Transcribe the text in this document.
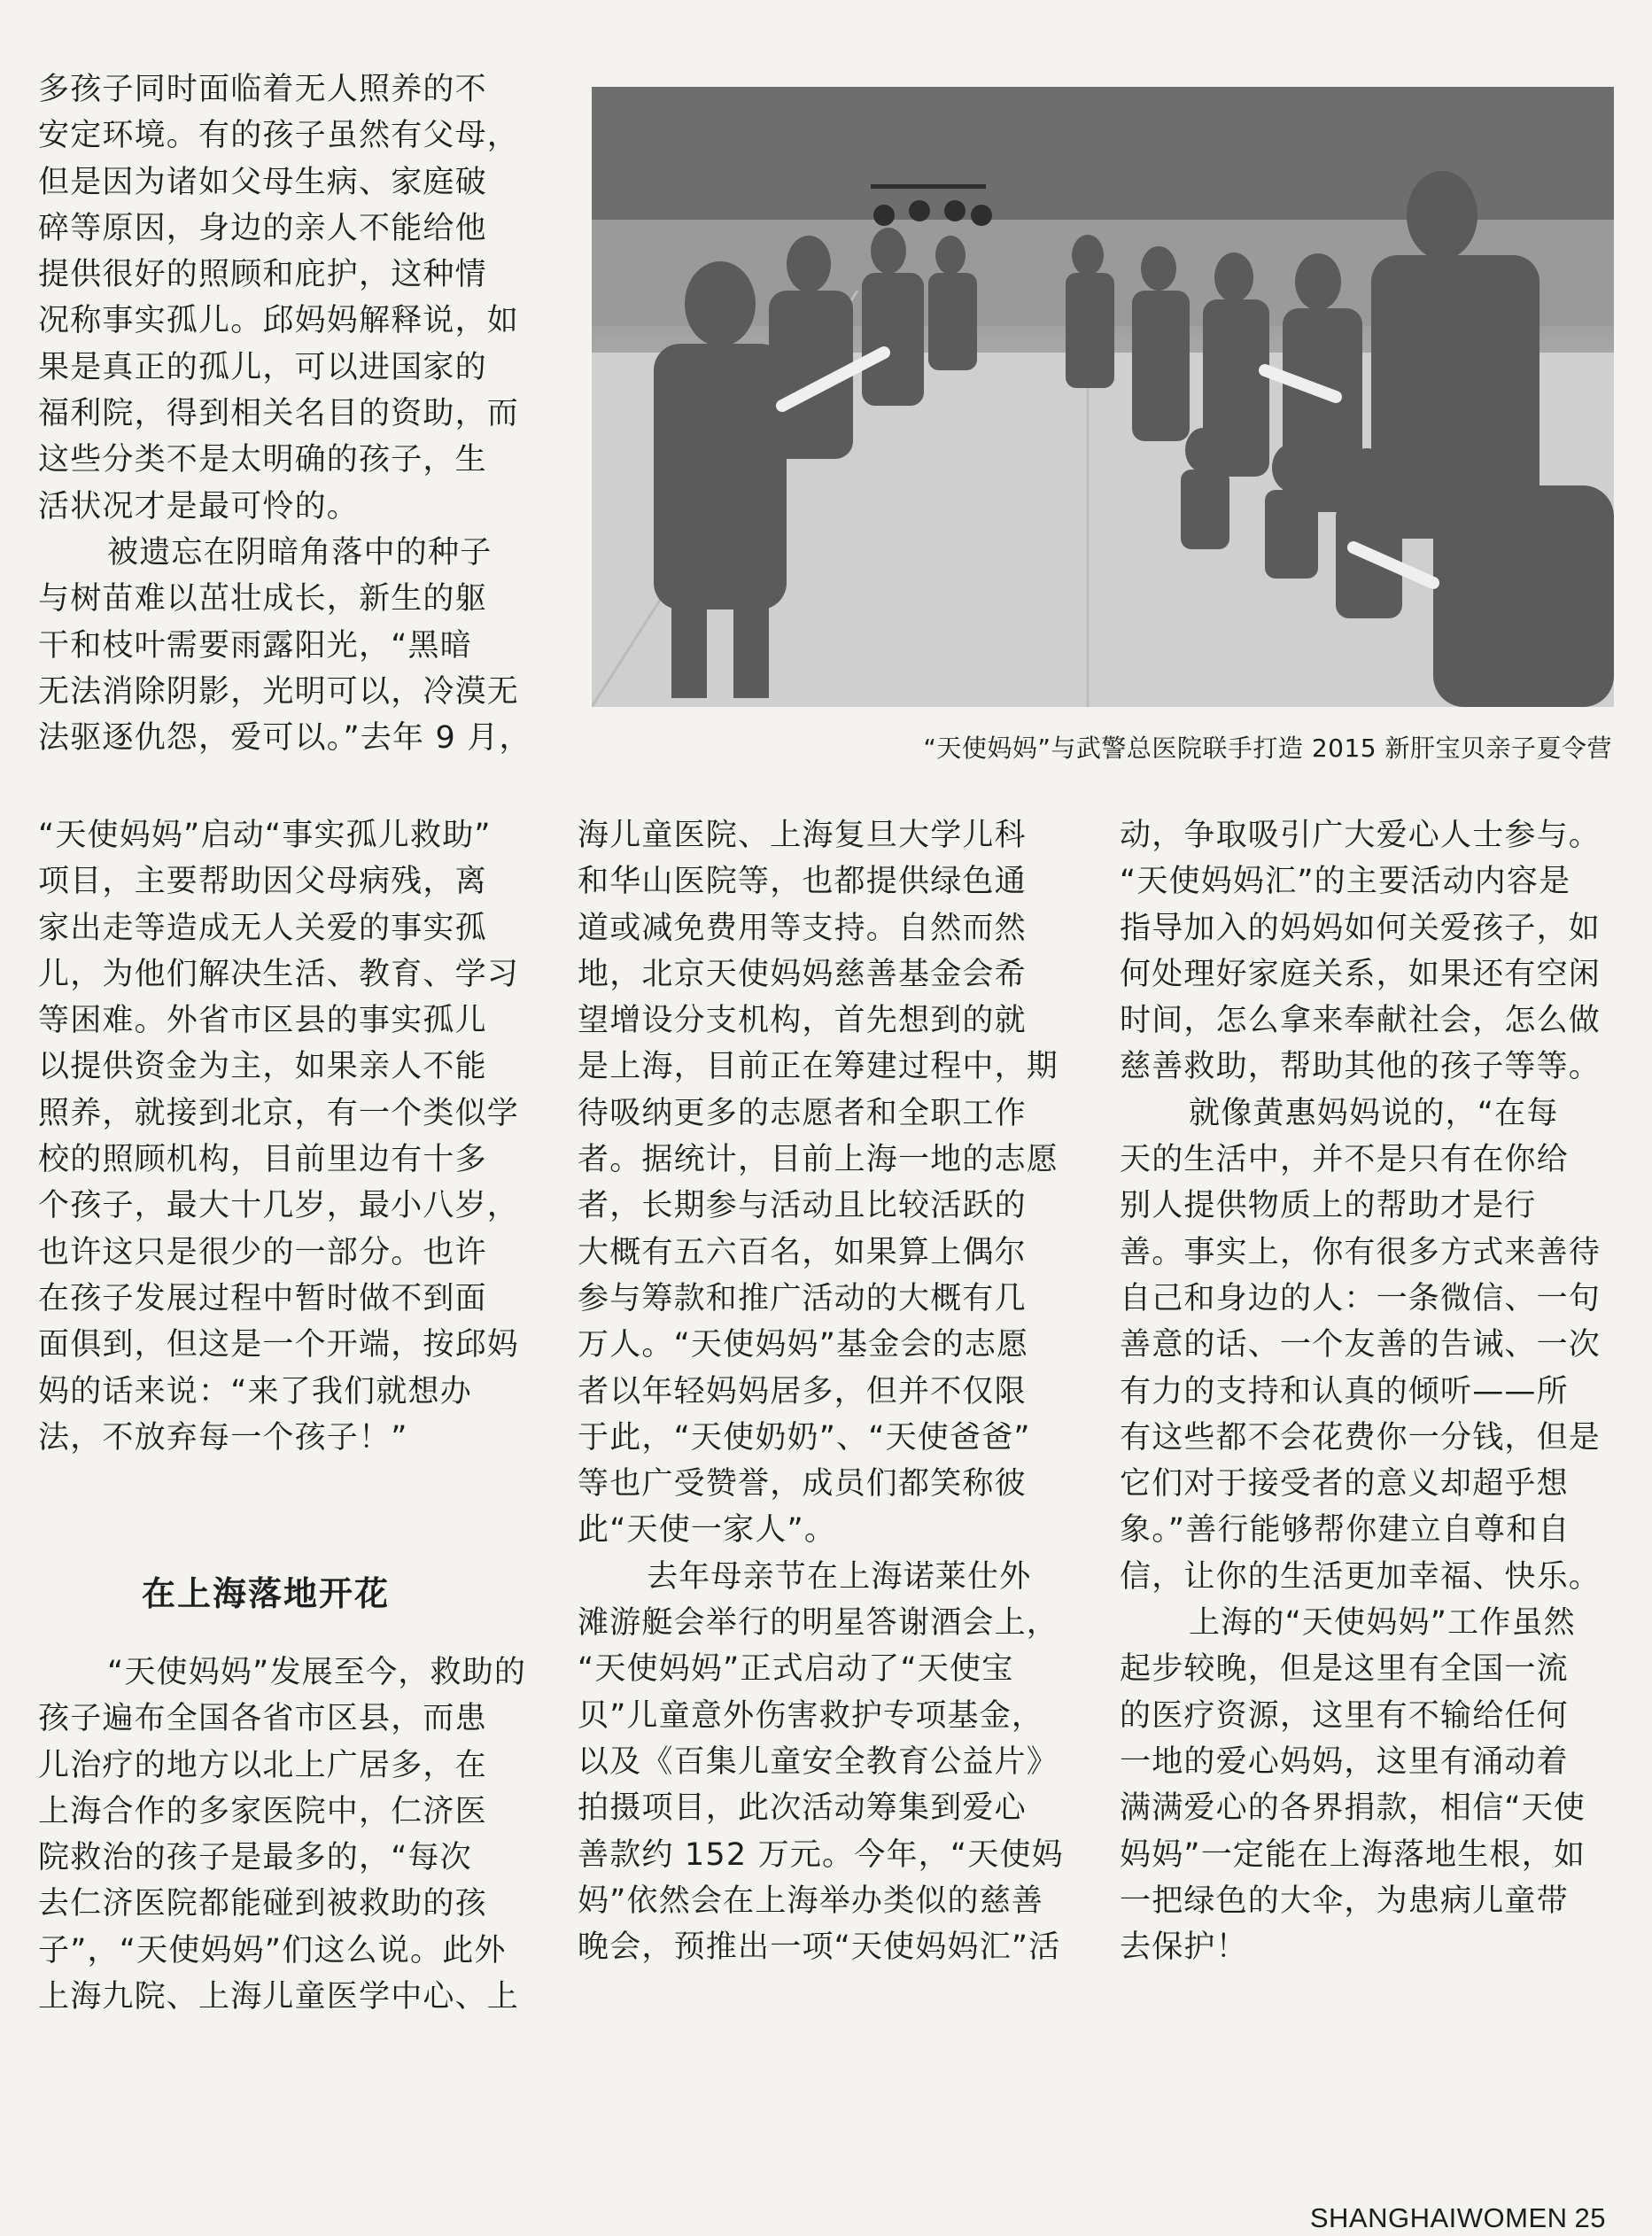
多孩子同时面临着无人照养的不
安定环境。有的孩子虽然有父母，
但是因为诸如父母生病、家庭破
碎等原因，身边的亲人不能给他
提供很好的照顾和庇护，这种情
况称事实孤儿。邱妈妈解释说，如
果是真正的孤儿，可以进国家的
福利院，得到相关名目的资助，而
这些分类不是太明确的孩子，生
活状况才是最可怜的。

被遗忘在阴暗角落中的种子
与树苗难以茁壮成长，新生的躯
干和枝叶需要雨露阳光，“黑暗
无法消除阴影，光明可以，冷漠无
法驱逐仇怨，爱可以。”去年 9 月，

“天使妈妈”启动“事实孤儿救助”
项目，主要帮助因父母病残，离
家出走等造成无人关爱的事实孤
儿，为他们解决生活、教育、学习
等困难。外省市区县的事实孤儿
以提供资金为主，如果亲人不能
照养，就接到北京，有一个类似学
校的照顾机构，目前里边有十多
个孩子，最大十几岁，最小八岁，
也许这只是很少的一部分。也许
在孩子发展过程中暂时做不到面
面俱到，但这是一个开端，按邱妈
妈的话来说：“来了我们就想办
法，不放弃每一个孩子！”

在上海落地开花

“天使妈妈”发展至今，救助的
孩子遍布全国各省市区县，而患
儿治疗的地方以北上广居多，在
上海合作的多家医院中，仁济医
院救治的孩子是最多的，“每次
去仁济医院都能碰到被救助的孩
子”，“天使妈妈”们这么说。此外
上海九院、上海儿童医学中心、上

“天使妈妈”与武警总医院联手打造 2015 新肝宝贝亲子夏令营

海儿童医院、上海复旦大学儿科
和华山医院等，也都提供绿色通
道或减免费用等支持。自然而然
地，北京天使妈妈慈善基金会希
望增设分支机构，首先想到的就
是上海，目前正在筹建过程中，期
待吸纳更多的志愿者和全职工作
者。据统计，目前上海一地的志愿
者，长期参与活动且比较活跃的
大概有五六百名，如果算上偶尔
参与筹款和推广活动的大概有几
万人。“天使妈妈”基金会的志愿
者以年轻妈妈居多，但并不仅限
于此，“天使奶奶”、“天使爸爸”
等也广受赞誉，成员们都笑称彼
此“天使一家人”。

去年母亲节在上海诺莱仕外
滩游艇会举行的明星答谢酒会上，
“天使妈妈”正式启动了“天使宝
贝”儿童意外伤害救护专项基金，
以及《百集儿童安全教育公益片》
拍摄项目，此次活动筹集到爱心
善款约 152 万元。今年，“天使妈
妈”依然会在上海举办类似的慈善
晚会，预推出一项“天使妈妈汇”活

动，争取吸引广大爱心人士参与。
“天使妈妈汇”的主要活动内容是
指导加入的妈妈如何关爱孩子，如
何处理好家庭关系，如果还有空闲
时间，怎么拿来奉献社会，怎么做
慈善救助，帮助其他的孩子等等。

就像黄惠妈妈说的，“在每
天的生活中，并不是只有在你给
别人提供物质上的帮助才是行
善。事实上，你有很多方式来善待
自己和身边的人：一条微信、一句
善意的话、一个友善的告诫、一次
有力的支持和认真的倾听——所
有这些都不会花费你一分钱，但是
它们对于接受者的意义却超乎想
象。”善行能够帮你建立自尊和自
信，让你的生活更加幸福、快乐。

上海的“天使妈妈”工作虽然
起步较晚，但是这里有全国一流
的医疗资源，这里有不输给任何
一地的爱心妈妈，这里有涌动着
满满爱心的各界捐款，相信“天使
妈妈”一定能在上海落地生根，如
一把绿色的大伞，为患病儿童带
去保护！

SHANGHAIWOMEN 25
